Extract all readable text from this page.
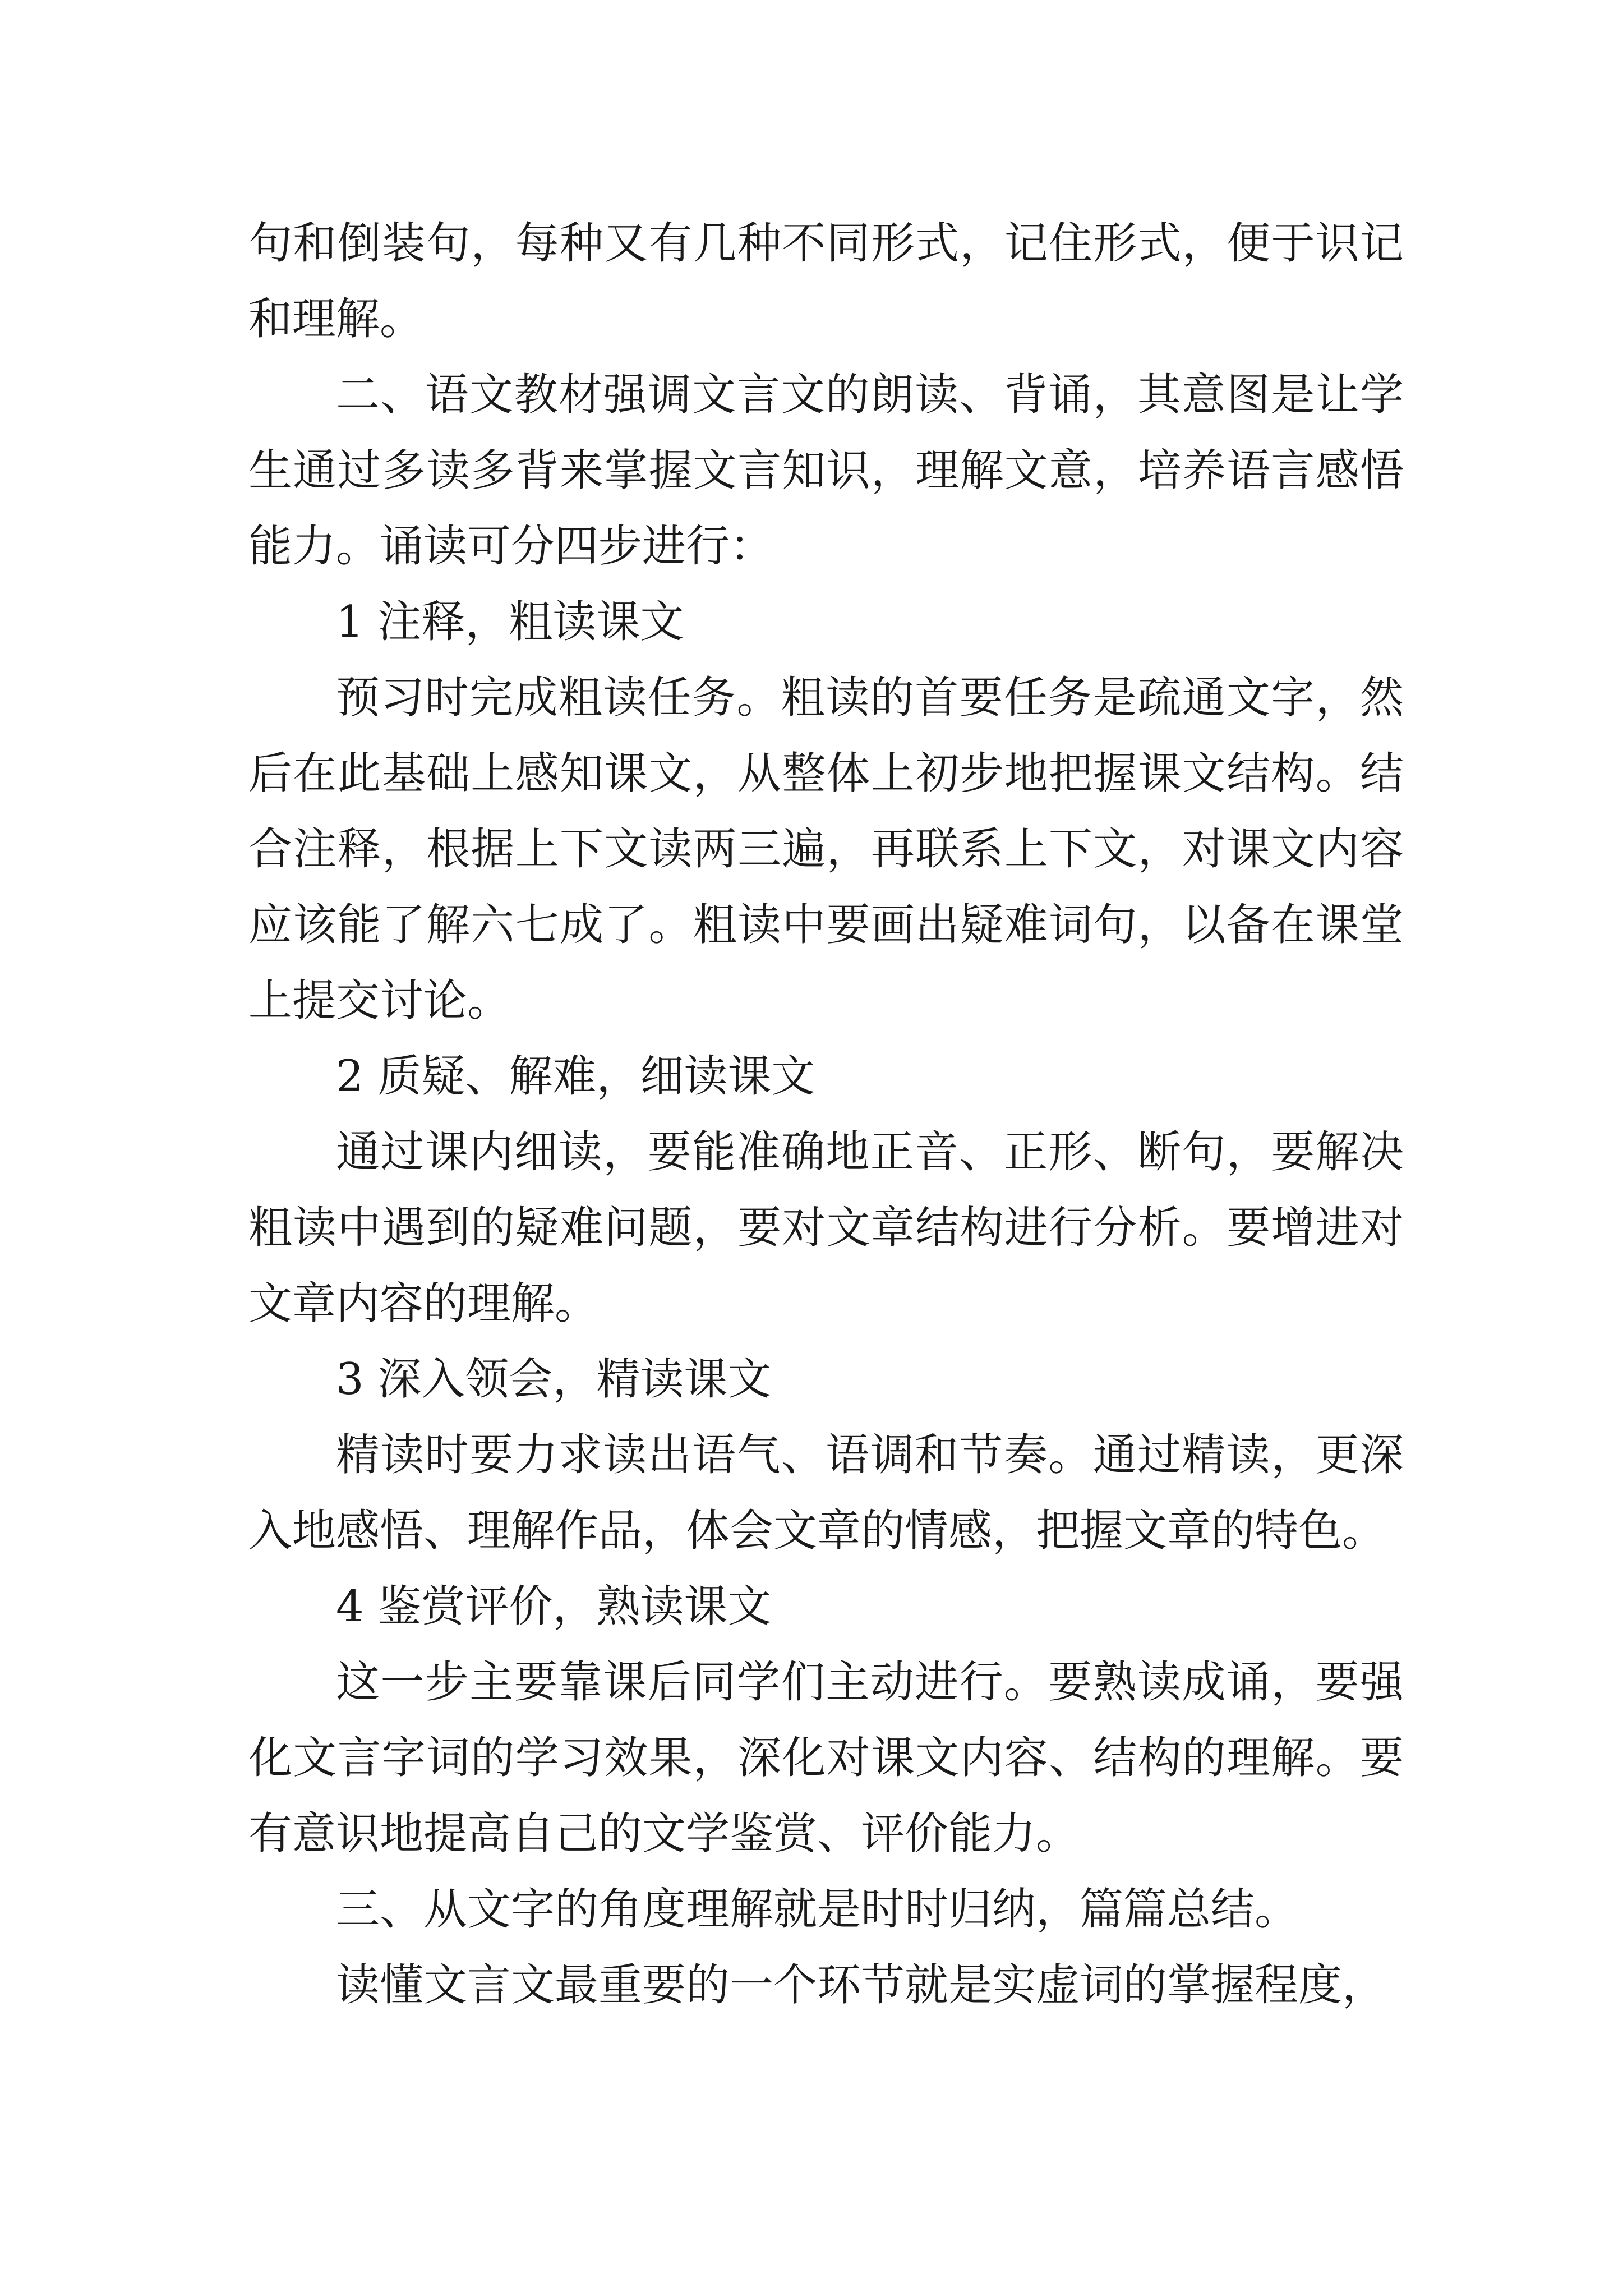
句和倒装句，每种又有几种不同形式，记住形式，便于识记和理解。

二、语文教材强调文言文的朗读、背诵，其意图是让学生通过多读多背来掌握文言知识，理解文意，培养语言感悟能力。诵读可分四步进行：

1 注释，粗读课文

预习时完成粗读任务。粗读的首要任务是疏通文字，然后在此基础上感知课文，从整体上初步地把握课文结构。结合注释，根据上下文读两三遍，再联系上下文，对课文内容应该能了解六七成了。粗读中要画出疑难词句，以备在课堂上提交讨论。

2 质疑、解难，细读课文

通过课内细读，要能准确地正音、正形、断句，要解决粗读中遇到的疑难问题，要对文章结构进行分析。要增进对文章内容的理解。

3 深入领会，精读课文

精读时要力求读出语气、语调和节奏。通过精读，更深入地感悟、理解作品，体会文章的情感，把握文章的特色。

4 鉴赏评价，熟读课文

这一步主要靠课后同学们主动进行。要熟读成诵，要强化文言字词的学习效果，深化对课文内容、结构的理解。要有意识地提高自己的文学鉴赏、评价能力。

三、从文字的角度理解就是时时归纳，篇篇总结。

读懂文言文最重要的一个环节就是实虚词的掌握程度，
